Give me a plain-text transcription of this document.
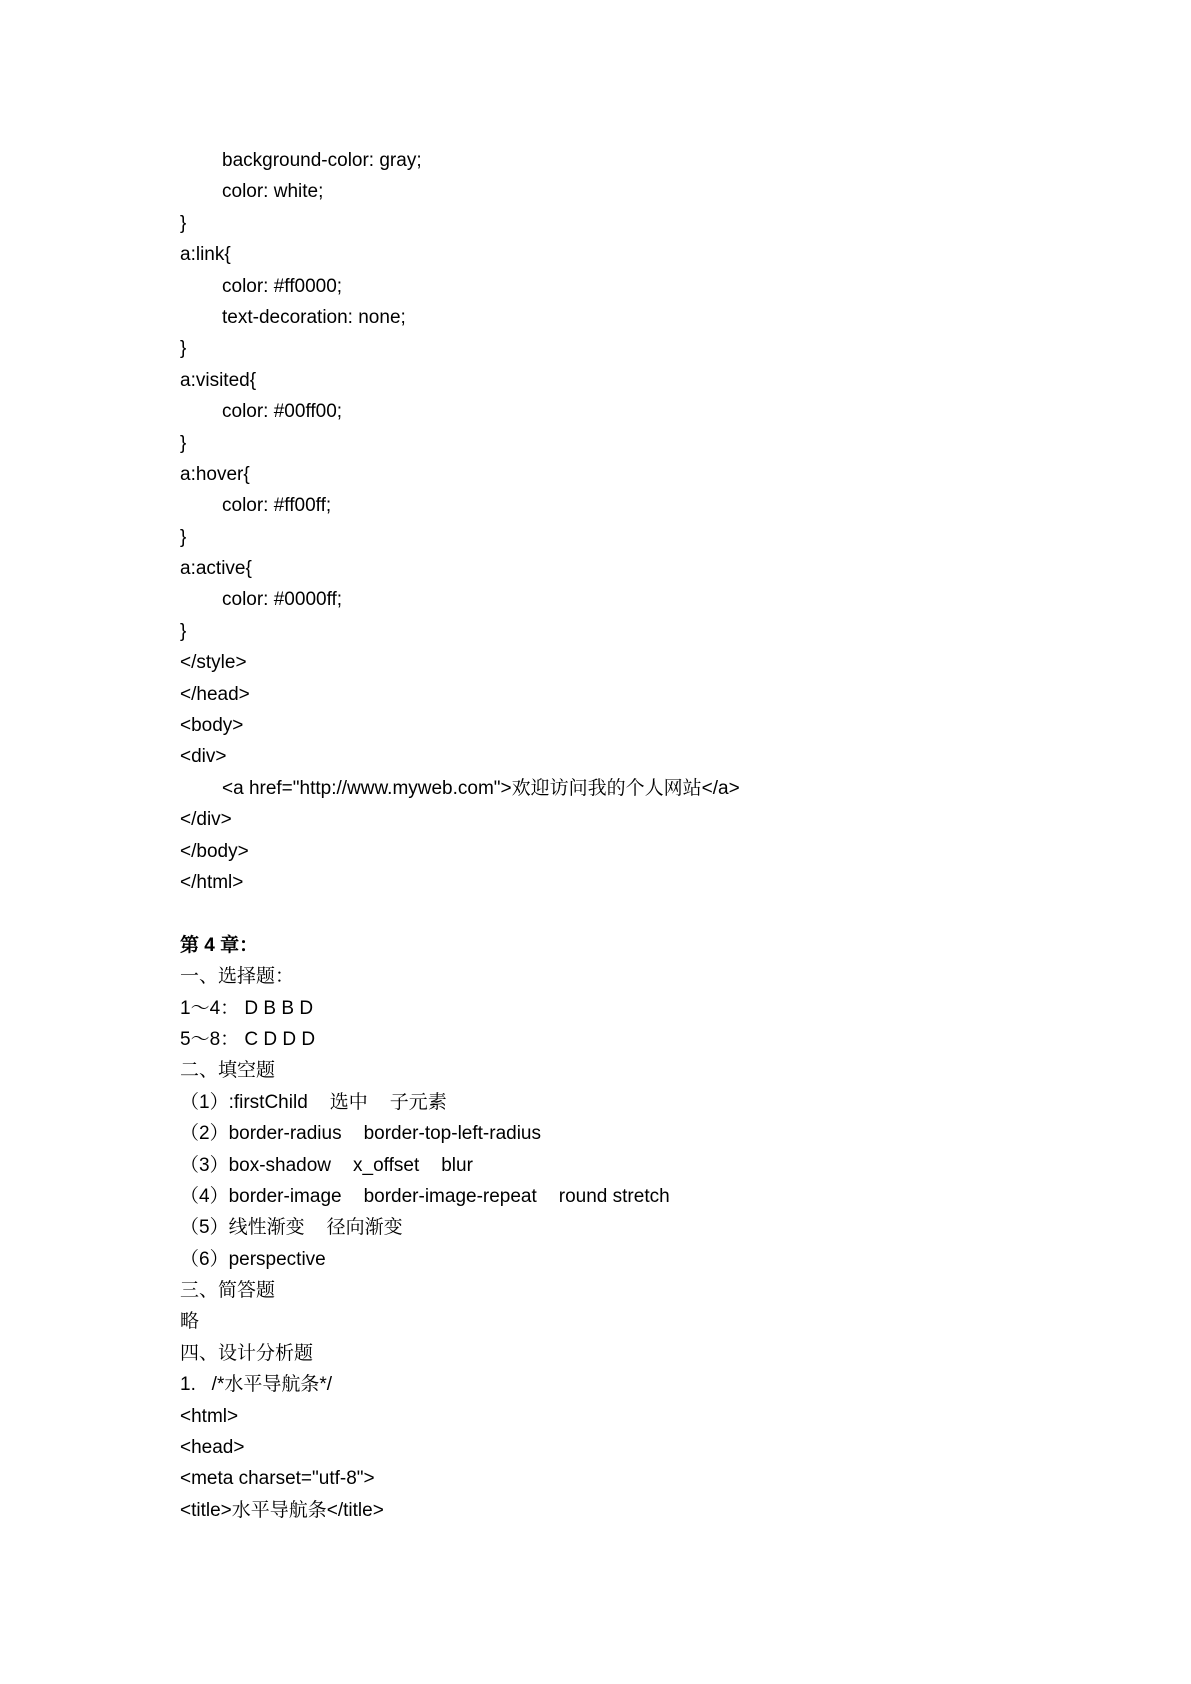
background-color: gray;
color: white;
}
a:link{
color: #ff0000;
text-decoration: none;
}
a:visited{
color: #00ff00;
}
a:hover{
color: #ff00ff;
}
a:active{
color: #0000ff;
}
</style>
</head>
<body>
<div>
<a href="http://www.myweb.com">欢迎访问我的个人网站</a>
</div>
</body>
</html>
第 4 章：
一、选择题：
1～4： D B B D
5～8： C D D D
二、填空题
（1）:firstChild 选中 子元素
（2）border-radius border-top-left-radius
（3）box-shadow x_offset blur
（4）border-image border-image-repeat round stretch
（5）线性渐变 径向渐变
（6）perspective
三、简答题
略
四、设计分析题
1.   /*水平导航条*/
<html>
<head>
<meta charset="utf-8">
<title>水平导航条</title>
